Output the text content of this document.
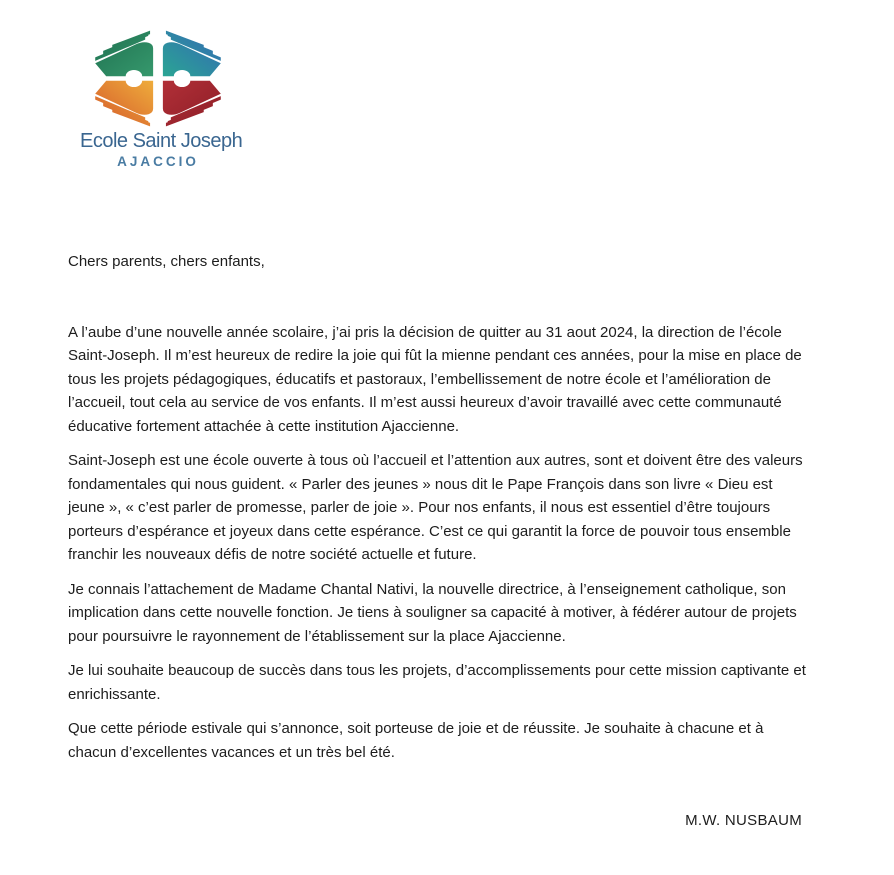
Ecole Saint Joseph
AJACCIO

Chers parents, chers enfants,

A l’aube d’une nouvelle année scolaire, j’ai pris la décision de quitter au 31 aout 2024, la direction de l’école Saint-Joseph. Il m’est heureux de redire la joie qui fût la mienne pendant ces années, pour la mise en place de tous les projets pédagogiques, éducatifs et pastoraux, l’embellissement de notre école et l’amélioration de l’accueil, tout cela au service de vos enfants. Il m’est aussi heureux d’avoir travaillé avec cette communauté éducative fortement attachée à cette institution Ajaccienne.

Saint-Joseph est une école ouverte à tous où l’accueil et l’attention aux autres, sont et doivent être des valeurs fondamentales qui nous guident. « Parler des jeunes » nous dit le Pape François dans son livre « Dieu est jeune », « c’est parler de promesse, parler de joie ». Pour nos enfants, il nous est essentiel d’être toujours porteurs d’espérance et joyeux dans cette espérance. C’est ce qui garantit la force de pouvoir tous ensemble franchir les nouveaux défis de notre société actuelle et future.

Je connais l’attachement de Madame Chantal Nativi, la nouvelle directrice, à l’enseignement catholique, son implication dans cette nouvelle fonction. Je tiens à souligner sa capacité à motiver, à fédérer autour de projets pour poursuivre le rayonnement de l’établissement sur la place Ajaccienne.

Je lui souhaite beaucoup de succès dans tous les projets, d’accomplissements pour cette mission captivante et enrichissante.

Que cette période estivale qui s’annonce, soit porteuse de joie et de réussite. Je souhaite à chacune et à chacun d’excellentes vacances et un très bel été.

M.W. NUSBAUM
